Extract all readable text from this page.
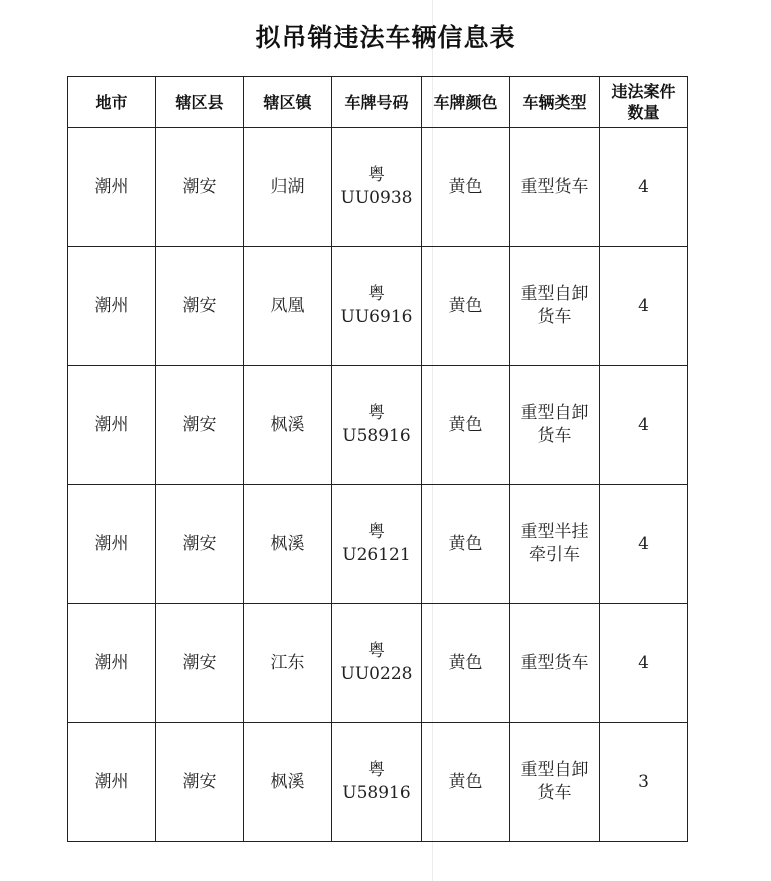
拟吊销违法车辆信息表
地市	辖区县	辖区镇	车牌号码	车牌颜色	车辆类型	违法案件数量
潮州	潮安	归湖	粤UU0938	黄色	重型货车	4
潮州	潮安	凤凰	粤UU6916	黄色	重型自卸货车	4
潮州	潮安	枫溪	粤U58916	黄色	重型自卸货车	4
潮州	潮安	枫溪	粤U26121	黄色	重型半挂牵引车	4
潮州	潮安	江东	粤UU0228	黄色	重型货车	4
潮州	潮安	枫溪	粤U58916	黄色	重型自卸货车	3
